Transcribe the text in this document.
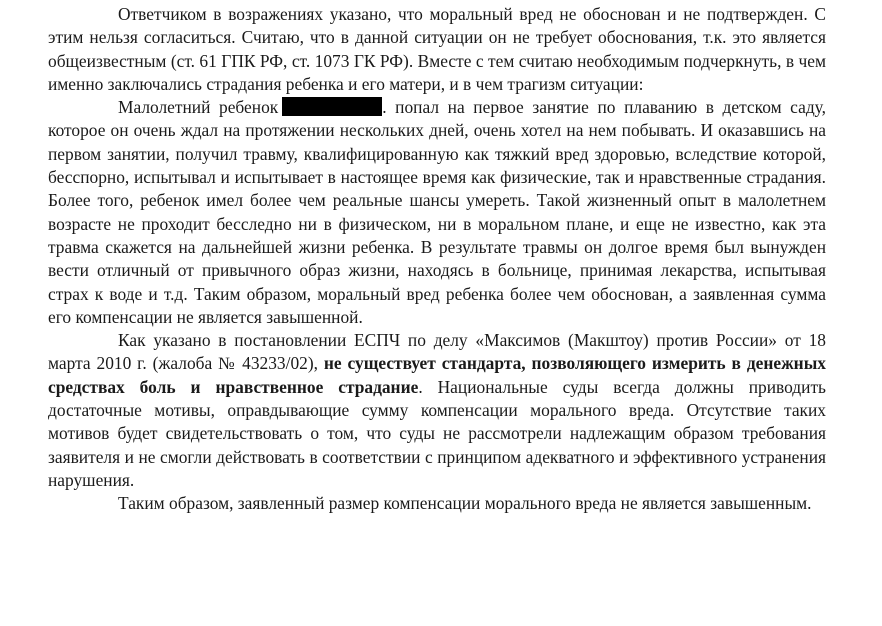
Ответчиком в возражениях указано, что моральный вред не обоснован и не подтвержден. С этим нельзя согласиться. Считаю, что в данной ситуации он не требует обоснования, т.к. это является общеизвестным (ст. 61 ГПК РФ, ст. 1073 ГК РФ). Вместе с тем считаю необходимым подчеркнуть, в чем именно заключались страдания ребенка и его матери, и в чем трагизм ситуации:

Малолетний ребенок	. попал на первое занятие по плаванию в детском саду, которое он очень ждал на протяжении нескольких дней, очень хотел на нем побывать. И оказавшись на первом занятии, получил травму, квалифицированную как тяжкий вред здоровью, вследствие которой, бесспорно, испытывал и испытывает в настоящее время как физические, так и нравственные страдания. Более того, ребенок имел более чем реальные шансы умереть. Такой жизненный опыт в малолетнем возрасте не проходит бесследно ни в физическом, ни в моральном плане, и еще не известно, как эта травма скажется на дальнейшей жизни ребенка. В результате травмы он долгое время был вынужден вести отличный от привычного образ жизни, находясь в больнице, принимая лекарства, испытывая страх к воде и т.д. Таким образом, моральный вред ребенка более чем обоснован, а заявленная сумма его компенсации не является завышенной.

Как указано в постановлении ЕСПЧ по делу «Максимов (Макштоу) против России» от 18 марта 2010 г. (жалоба № 43233/02), не существует стандарта, позволяющего измерить в денежных средствах боль и нравственное страдание. Национальные суды всегда должны приводить достаточные мотивы, оправдывающие сумму компенсации морального вреда. Отсутствие таких мотивов будет свидетельствовать о том, что суды не рассмотрели надлежащим образом требования заявителя и не смогли действовать в соответствии с принципом адекватного и эффективного устранения нарушения.

Таким образом, заявленный размер компенсации морального вреда не является завышенным.
